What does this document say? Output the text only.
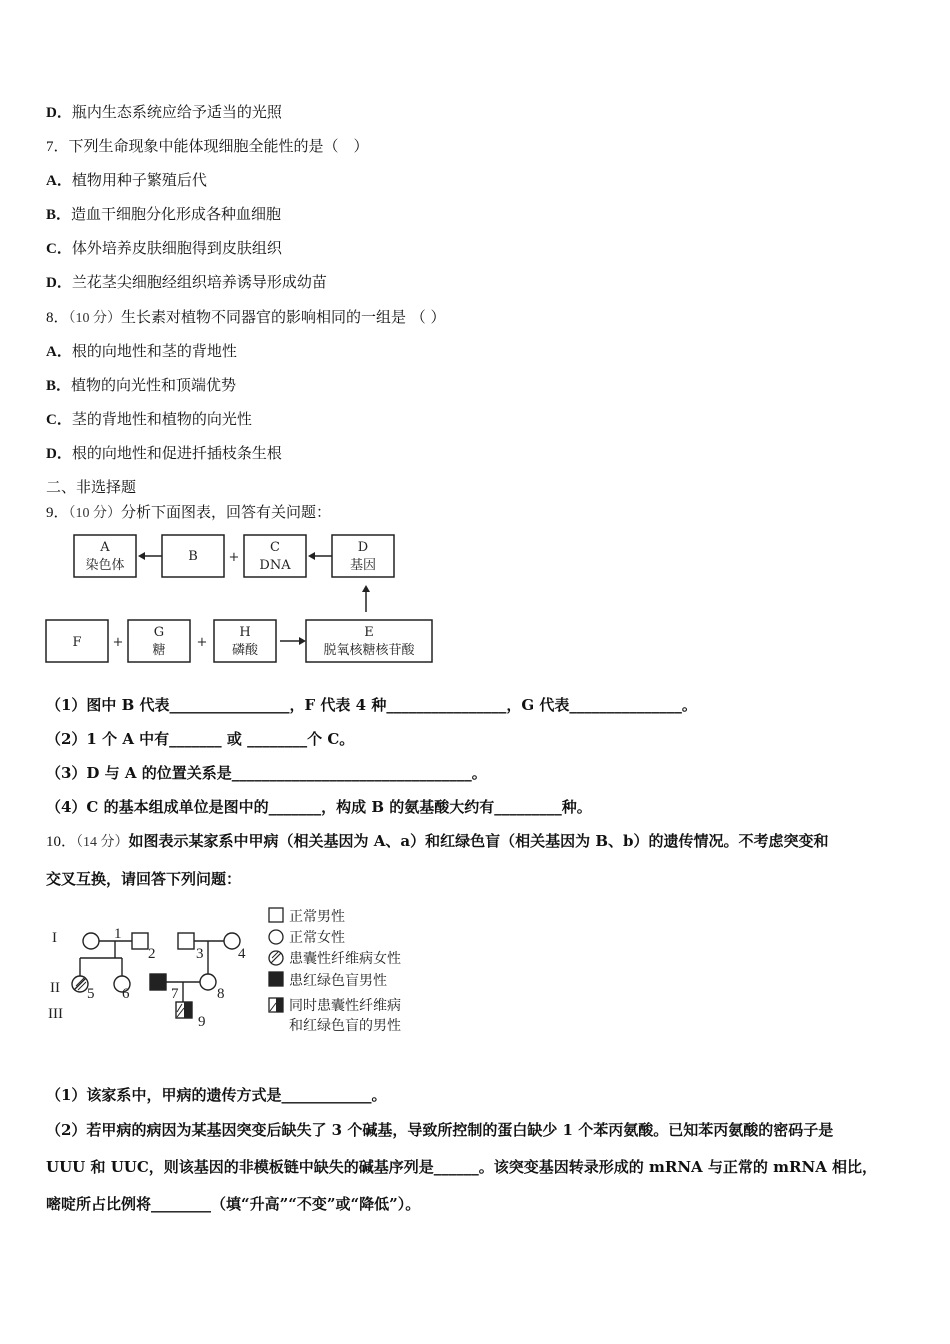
D．瓶内生态系统应给予适当的光照
7．下列生命现象中能体现细胞全能性的是（　）
A．植物用种子繁殖后代
B．造血干细胞分化形成各种血细胞
C．体外培养皮肤细胞得到皮肤组织
D．兰花茎尖细胞经组织培养诱导形成幼苗
8．（10 分）生长素对植物不同器官的影响相同的一组是 （ ）
A．根的向地性和茎的背地性
B．植物的向光性和顶端优势
C．茎的背地性和植物的向光性
D．根的向地性和促进扦插枝条生根
二、非选择题
9．（10 分）分析下面图表，回答有关问题：
A
染色体
B +
C
DNA
D
基因
F +
G
糖
+
H
磷酸
E
脱氧核糖核苷酸
（1）图中 B 代表________________，F 代表 4 种________________，G 代表_______________。
（2）1 个 A 中有_______ 或 ________个 C。
（3）D 与 A 的位置关系是________________________________。
（4）C 的基本组成单位是图中的_______，构成 B 的氨基酸大约有_________种。
10．（14 分）如图表示某家系中甲病（相关基因为 A、a）和红绿色盲（相关基因为 B、b）的遗传情况。不考虑突变和
交叉互换，请回答下列问题：
I
II
III
1
2	3 4
5 6	7	8
9
正常男性
正常女性
患囊性纤维病女性
患红绿色盲男性
同时患囊性纤维病
和红绿色盲的男性
（1）该家系中，甲病的遗传方式是____________。
（2）若甲病的病因为某基因突变后缺失了 3 个碱基，导致所控制的蛋白缺少 1 个苯丙氨酸。已知苯丙氨酸的密码子是
UUU 和 UUC，则该基因的非模板链中缺失的碱基序列是______。该突变基因转录形成的 mRNA 与正常的 mRNA 相比，
嘧啶所占比例将________（填“升高”“不变”或“降低”）。
